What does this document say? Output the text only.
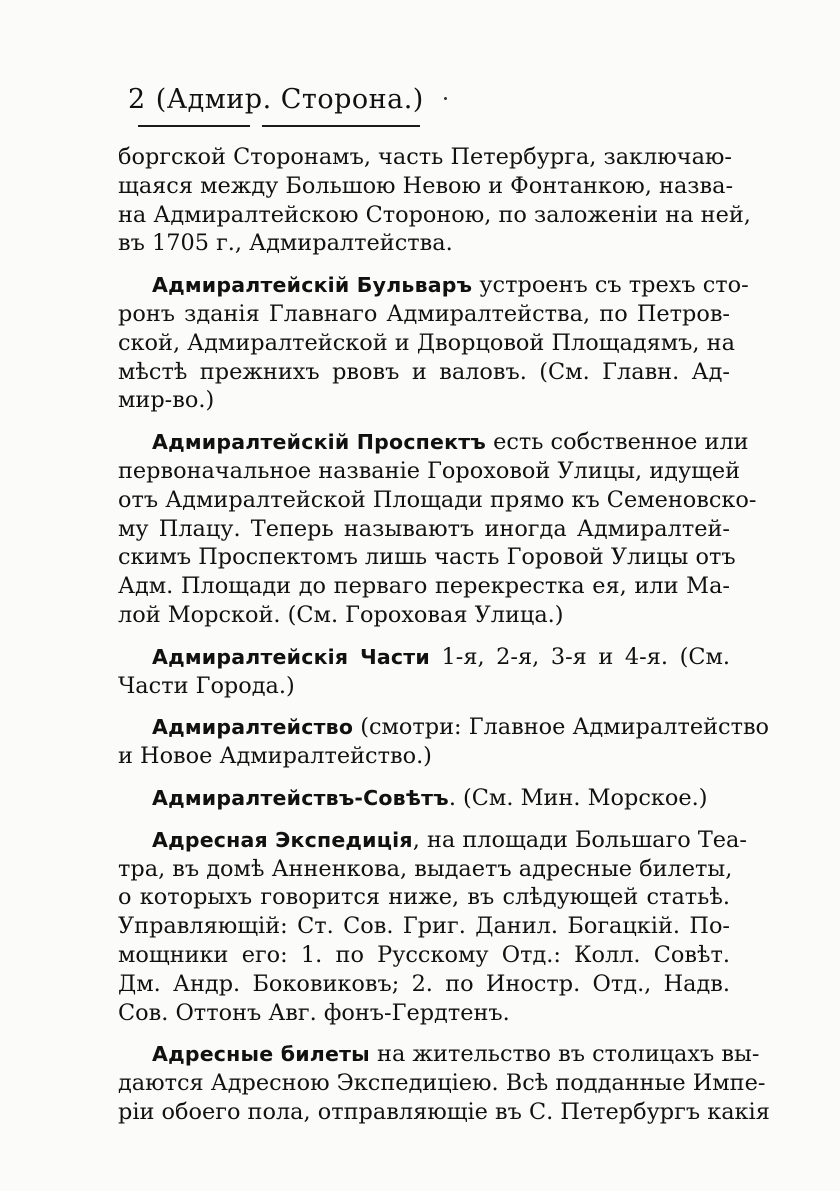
2 (Адмир. Сторона.)
боргской Сторонамъ, часть Петербурга, заключаю-
щаяся между Большою Невою и Фонтанкою, назва-
на Адмиралтейскою Стороною, по заложенiи на ней,
въ 1705 г., Адмиралтейства.
Адмиралтейскiй Бульваръ устроенъ съ трехъ сто-
ронъ зданiя Главнаго Адмиралтейства, по Петров-
ской, Адмиралтейской и Дворцовой Площадямъ, на
мѣстѣ прежнихъ рвовъ и валовъ. (См. Главн. Ад-
мир-во.)
Адмиралтейскiй Проспектъ есть собственное или
первоначальное названiе Гороховой Улицы, идущей
отъ Адмиралтейской Площади прямо къ Семеновско-
му Плацу. Теперь называютъ иногда Адмиралтей-
скимъ Проспектомъ лишь часть Горовой Улицы отъ
Адм. Площади до перваго перекрестка ея, или Ма-
лой Морской. (См. Гороховая Улица.)
Адмиралтейскiя Части 1-я, 2-я, 3-я и 4-я. (См.
Части Города.)
Адмиралтейство (смотри: Главное Адмиралтейство
и Новое Адмиралтейство.)
Адмиралтействъ-Совѣтъ. (См. Мин. Морское.)
Адресная Экспедицiя, на площади Большаго Теа-
тра, въ домѣ Анненкова, выдаетъ адресные билеты,
о которыхъ говорится ниже, въ слѣдующей статьѣ.
Управляющiй: Ст. Сов. Григ. Данил. Богацкiй. По-
мощники его: 1. по Русскому Отд.: Колл. Совѣт.
Дм. Андр. Боковиковъ; 2. по Иностр. Отд., Надв.
Сов. Оттонъ Авг. фонъ-Гердтенъ.
Адресные билеты на жительство въ столицахъ вы-
даются Адресною Экспедицiею. Всѣ подданные Импе-
рiи обоего пола, отправляющiе въ С. Петербургъ какiя
